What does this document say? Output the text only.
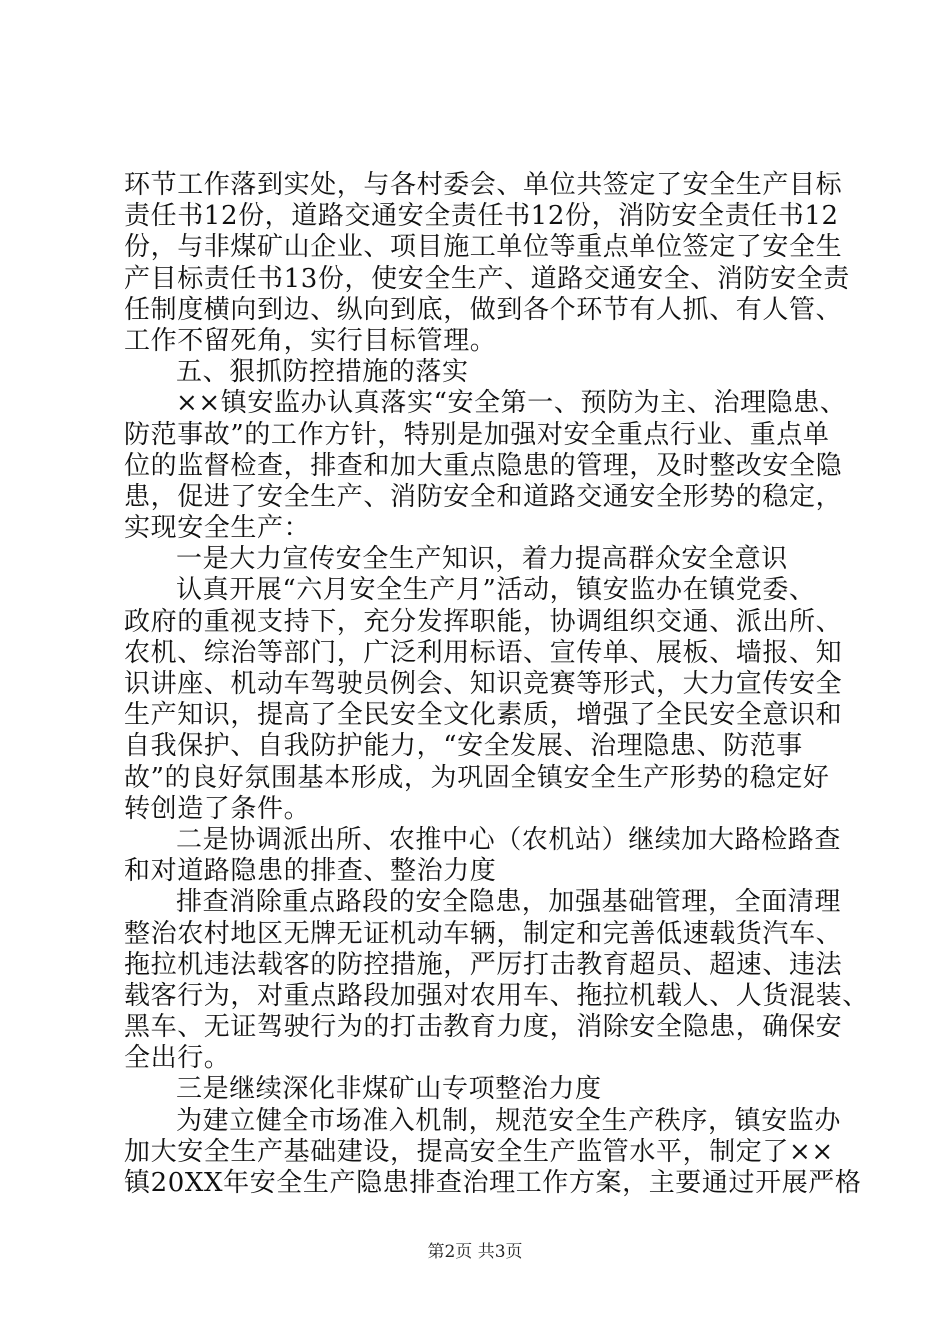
环节工作落到实处，与各村委会、单位共签定了安全生产目标
责任书12份，道路交通安全责任书12份，消防安全责任书12
份，与非煤矿山企业、项目施工单位等重点单位签定了安全生
产目标责任书13份，使安全生产、道路交通安全、消防安全责
任制度横向到边、纵向到底，做到各个环节有人抓、有人管、
工作不留死角，实行目标管理。
五、狠抓防控措施的落实
××镇安监办认真落实“安全第一、预防为主、治理隐患、
防范事故”的工作方针，特别是加强对安全重点行业、重点单
位的监督检查，排查和加大重点隐患的管理，及时整改安全隐
患，促进了安全生产、消防安全和道路交通安全形势的稳定，
实现安全生产：
一是大力宣传安全生产知识，着力提高群众安全意识
认真开展“六月安全生产月”活动，镇安监办在镇党委、
政府的重视支持下，充分发挥职能，协调组织交通、派出所、
农机、综治等部门，广泛利用标语、宣传单、展板、墙报、知
识讲座、机动车驾驶员例会、知识竞赛等形式，大力宣传安全
生产知识，提高了全民安全文化素质，增强了全民安全意识和
自我保护、自我防护能力，“安全发展、治理隐患、防范事
故”的良好氛围基本形成，为巩固全镇安全生产形势的稳定好
转创造了条件。
二是协调派出所、农推中心（农机站）继续加大路检路查
和对道路隐患的排查、整治力度
排查消除重点路段的安全隐患，加强基础管理，全面清理
整治农村地区无牌无证机动车辆，制定和完善低速载货汽车、
拖拉机违法载客的防控措施，严厉打击教育超员、超速、违法
载客行为，对重点路段加强对农用车、拖拉机载人、人货混装、
黑车、无证驾驶行为的打击教育力度，消除安全隐患，确保安
全出行。
三是继续深化非煤矿山专项整治力度
为建立健全市场准入机制，规范安全生产秩序，镇安监办
加大安全生产基础建设，提高安全生产监管水平，制定了××
镇20XX年安全生产隐患排查治理工作方案，主要通过开展严格
第2页 共3页
